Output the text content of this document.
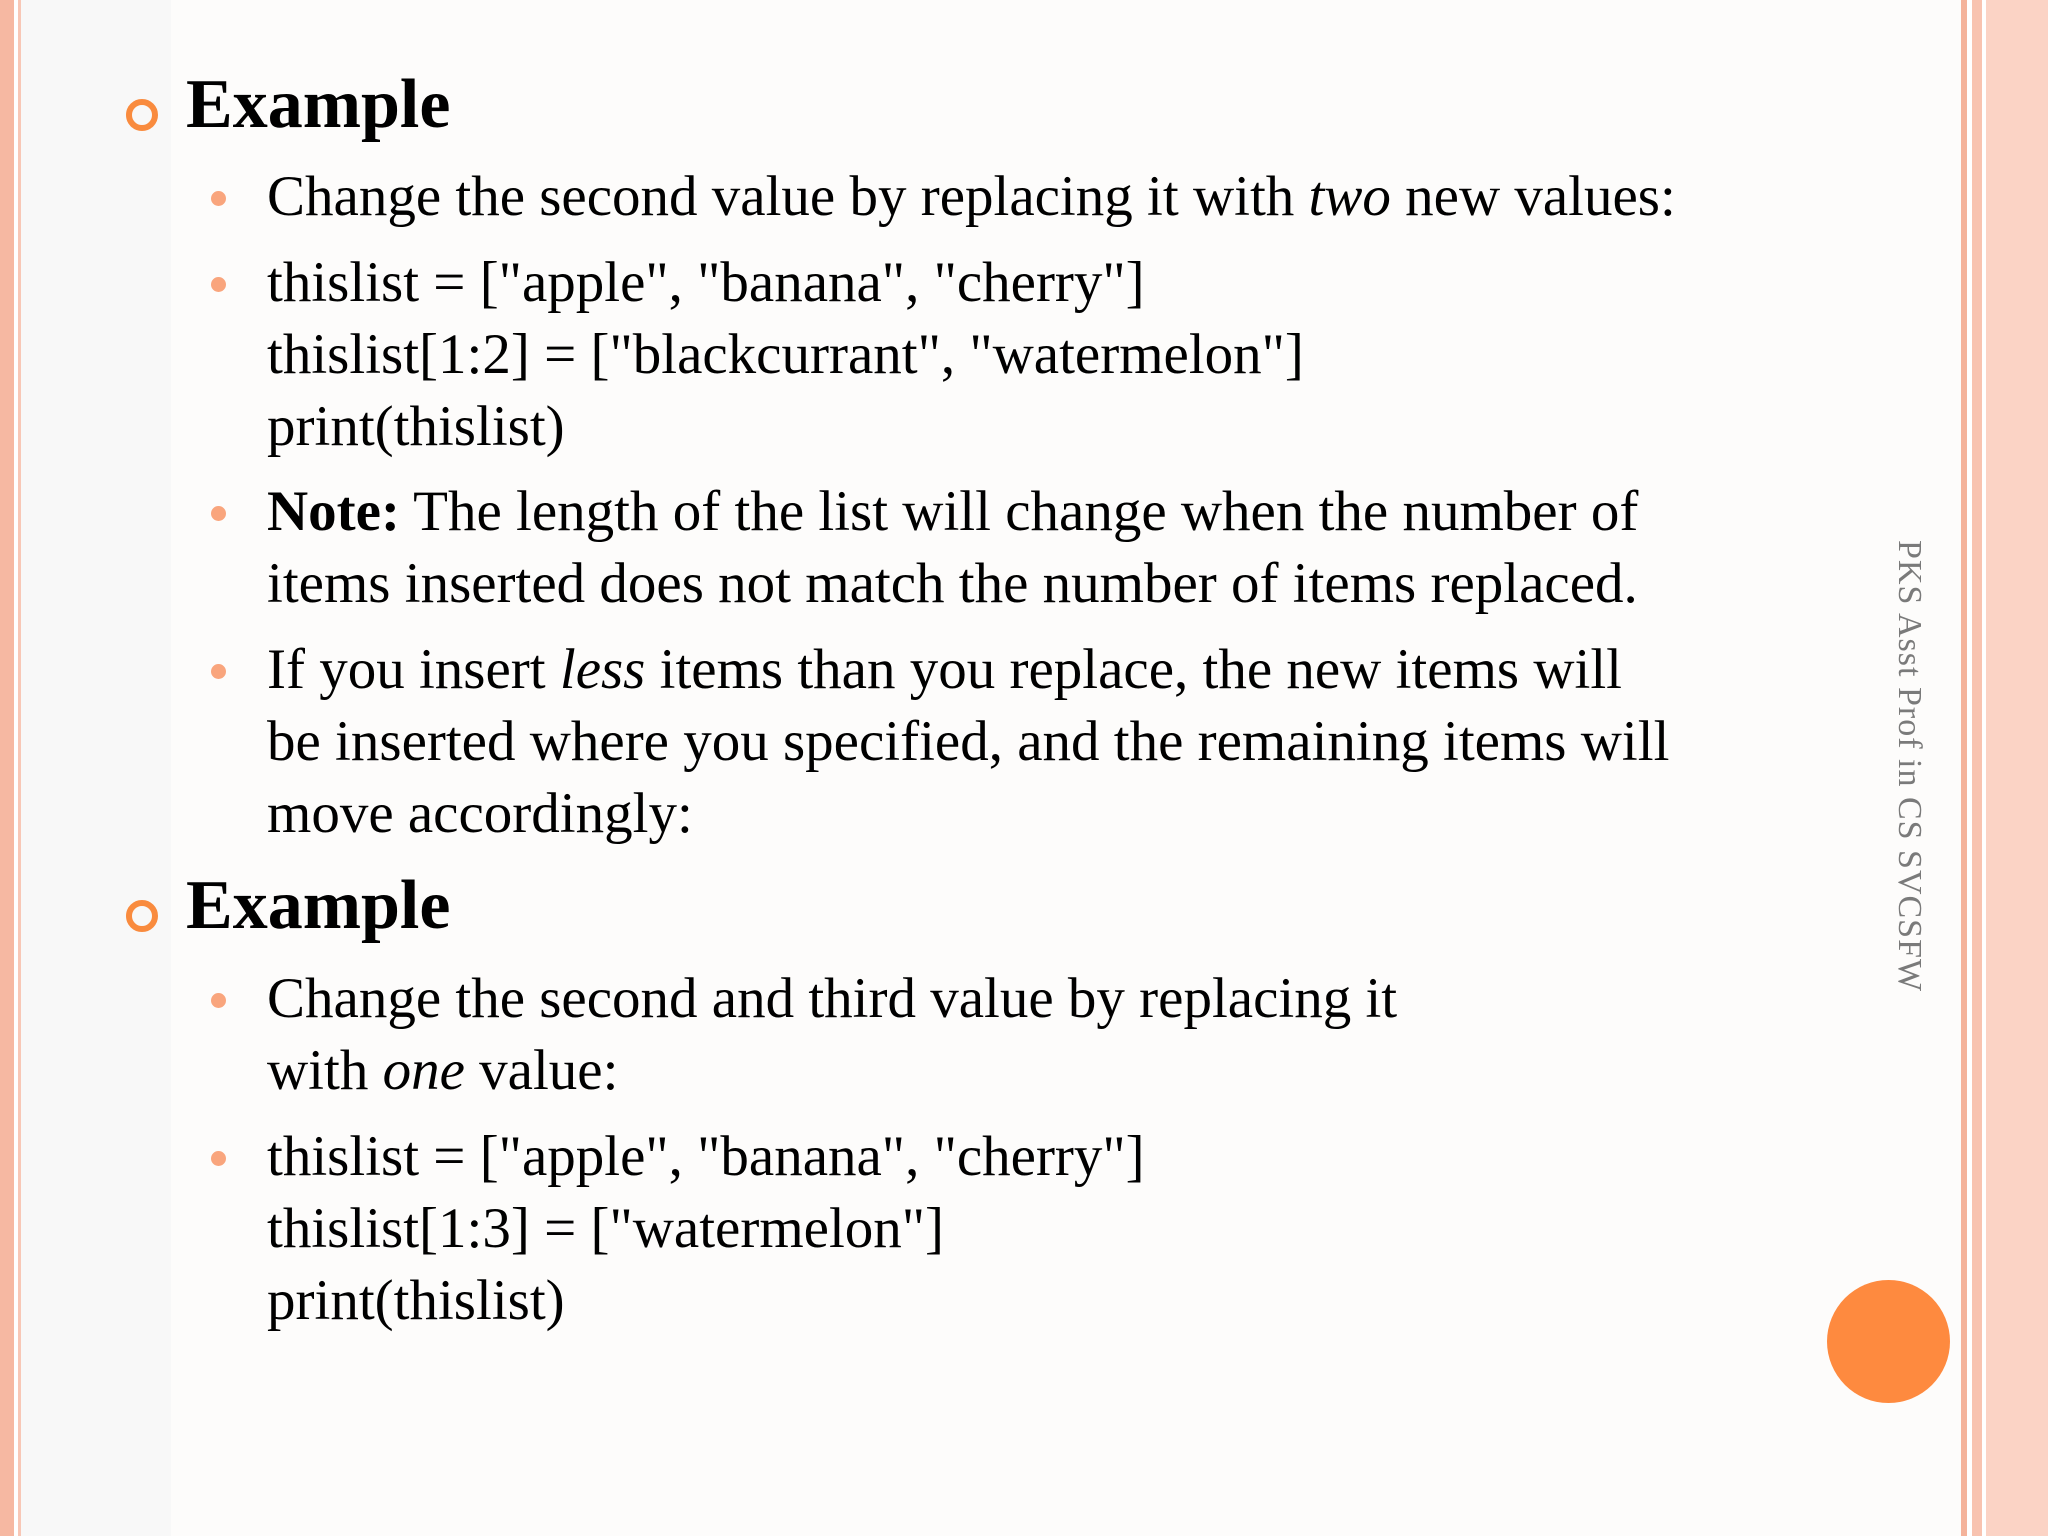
Example
Change the second value by replacing it with two new values:
thislist = ["apple", "banana", "cherry"]
thislist[1:2] = ["blackcurrant", "watermelon"]
print(thislist)
Note: The length of the list will change when the number of
items inserted does not match the number of items replaced.
If you insert less items than you replace, the new items will
be inserted where you specified, and the remaining items will
move accordingly:
Example
Change the second and third value by replacing it
with one value:
thislist = ["apple", "banana", "cherry"]
thislist[1:3] = ["watermelon"]
print(thislist)
PKS Asst Prof in CS SVCSFW
